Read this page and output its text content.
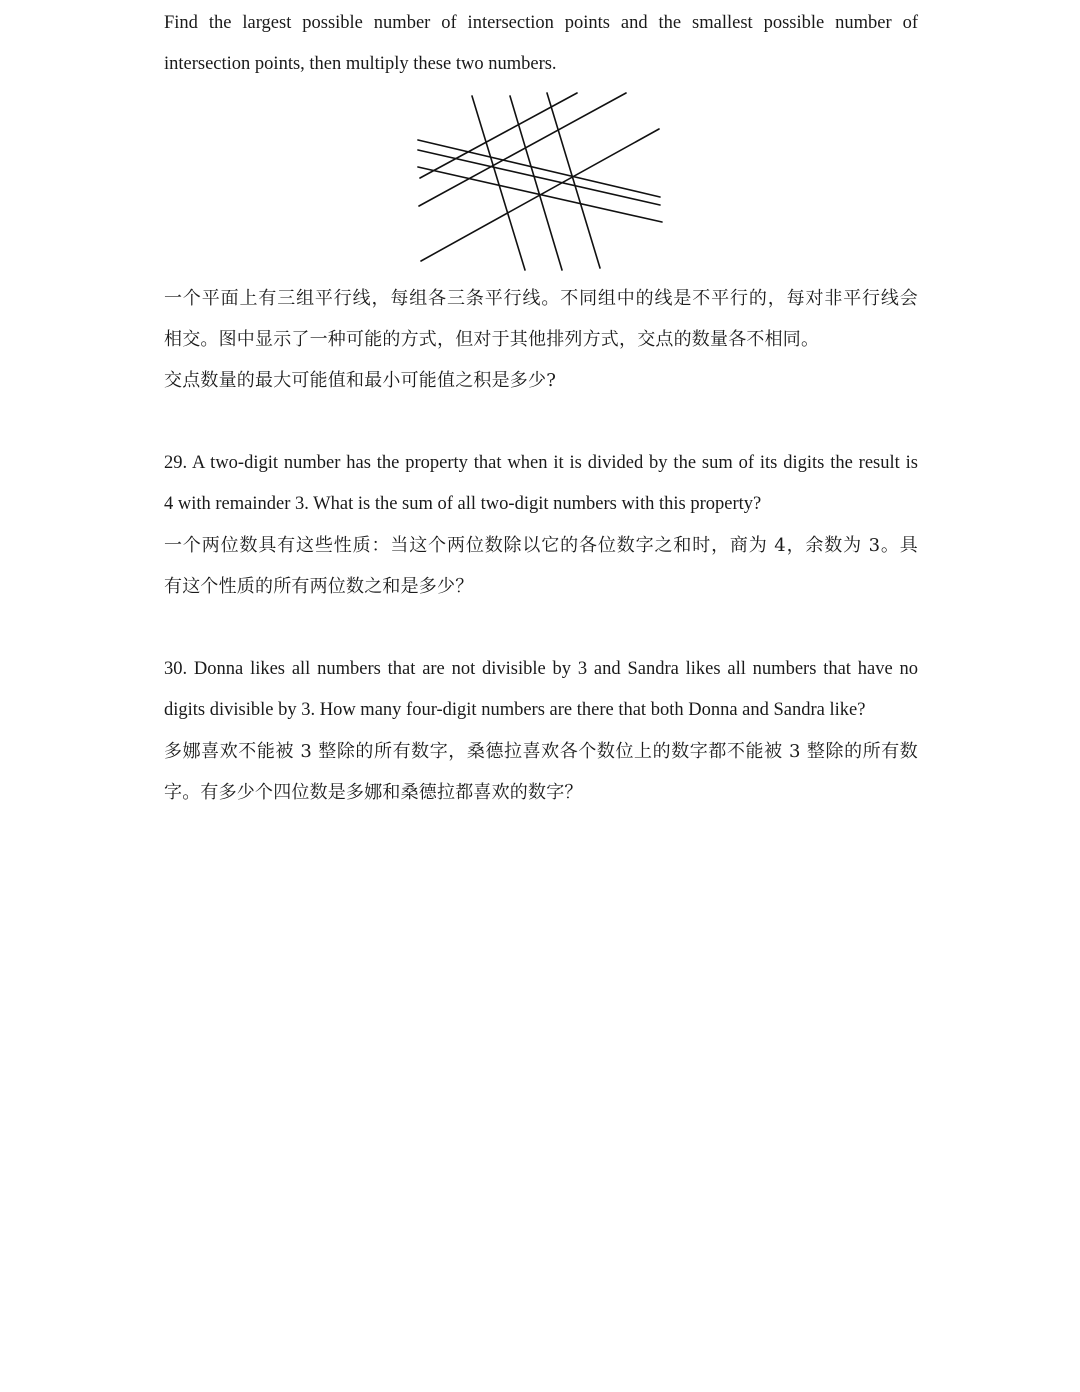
Find the largest possible number of intersection points and the smallest possible number of
intersection points, then multiply these two numbers.
一个平面上有三组平行线，每组各三条平行线。不同组中的线是不平行的，每对非平行线会
相交。图中显示了一种可能的方式，但对于其他排列方式，交点的数量各不相同。
交点数量的最大可能值和最小可能值之积是多少?
29. A two-digit number has the property that when it is divided by the sum of its digits the result is
4 with remainder 3. What is the sum of all two-digit numbers with this property?
一个两位数具有这些性质：当这个两位数除以它的各位数字之和时，商为 4，余数为 3。具
有这个性质的所有两位数之和是多少？
30. Donna likes all numbers that are not divisible by 3 and Sandra likes all numbers that have no
digits divisible by 3. How many four-digit numbers are there that both Donna and Sandra like?
多娜喜欢不能被 3 整除的所有数字，桑德拉喜欢各个数位上的数字都不能被 3 整除的所有数
字。有多少个四位数是多娜和桑德拉都喜欢的数字？
